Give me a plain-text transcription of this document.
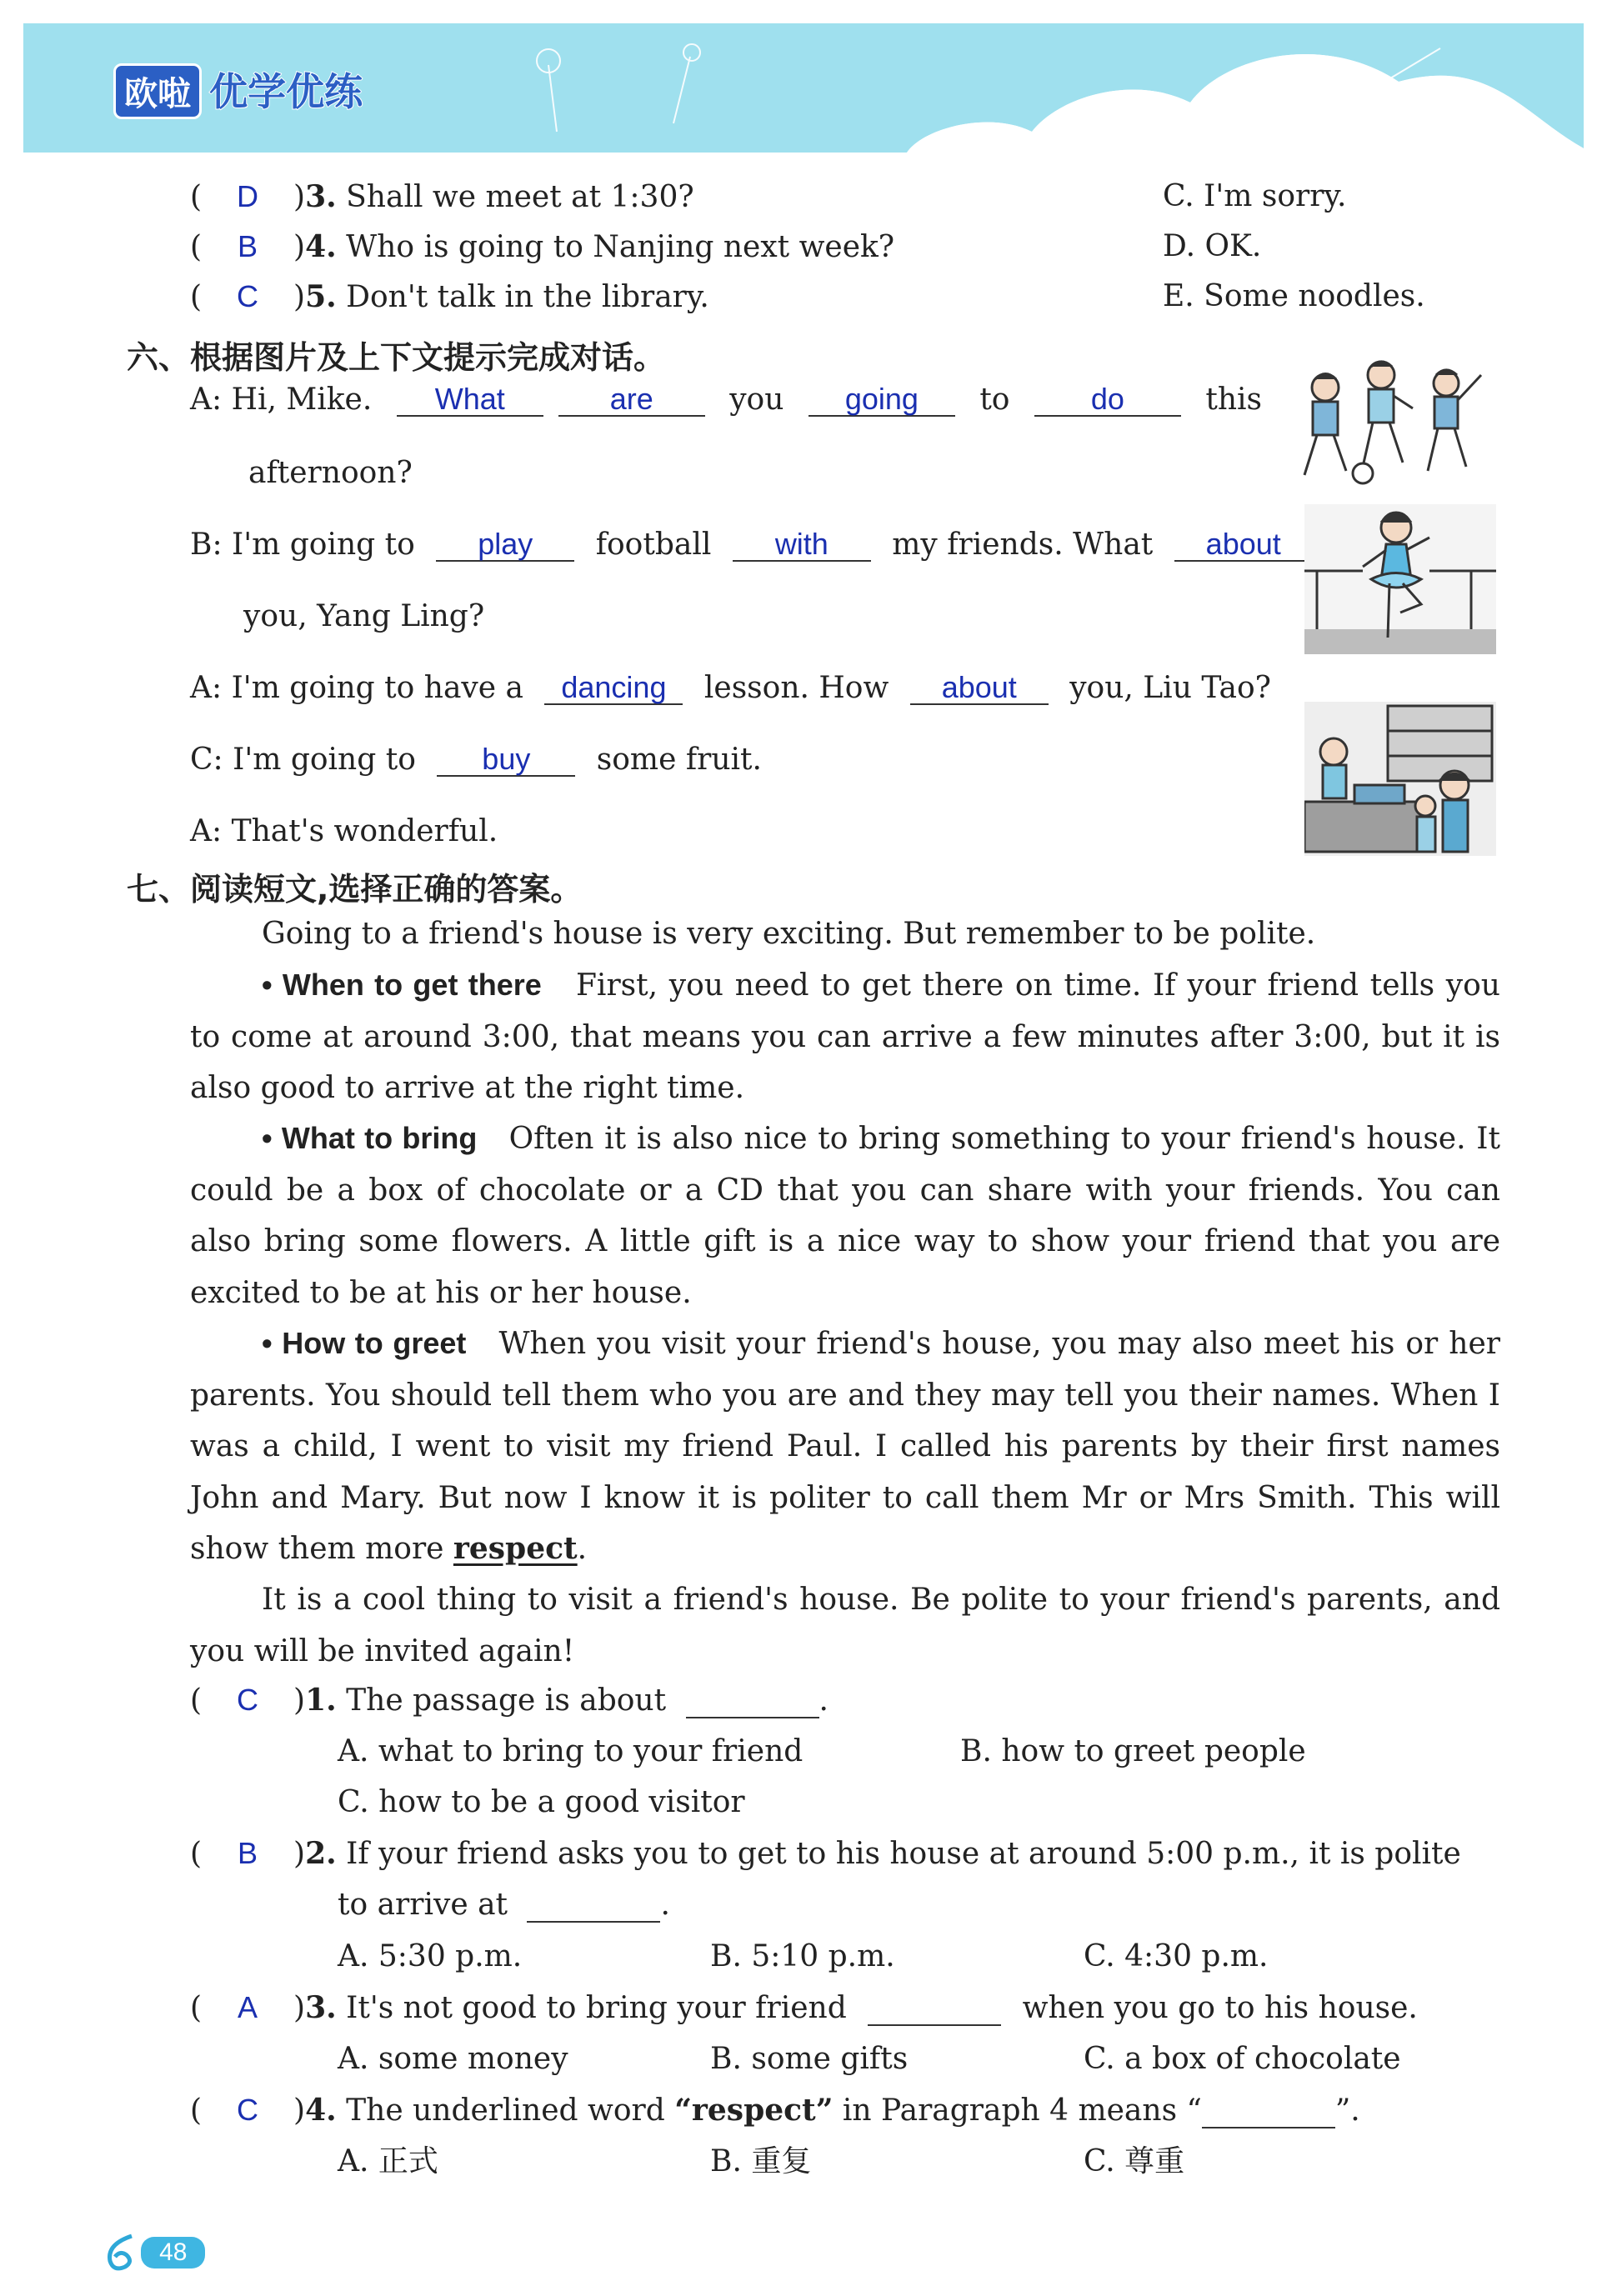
欧啦 优学优练
( D )3. Shall we meet at 1:30?	C. I'm sorry.
( B )4. Who is going to Nanjing next week?	D. OK.
( C )5. Don't talk in the library.	E. Some noodles.
六、根据图片及上下文提示完成对话。
A: Hi, Mike. What	are	you going to	do	this
afternoon?
B: I'm going to play football with my friends. What about
you, Yang Ling?
A: I'm going to have a dancing lesson. How about you, Liu Tao?
C: I'm going to buy some fruit.
A: That's wonderful.
七、阅读短文,选择正确的答案。
Going to a friend's house is very exciting. But remember to be polite.
• When to get there First, you need to get there on time. If your friend tells you to come at around 3:00, that means you can arrive a few minutes after 3:00, but it is also good to arrive at the right time.
• What to bring Often it is also nice to bring something to your friend's house. It could be a box of chocolate or a CD that you can share with your friends. You can also bring some flowers. A little gift is a nice way to show your friend that you are excited to be at his or her house.
• How to greet When you visit your friend's house, you may also meet his or her parents. You should tell them who you are and they may tell you their names. When I was a child, I went to visit my friend Paul. I called his parents by their first names John and Mary. But now I know it is politer to call them Mr or Mrs Smith. This will show them more respect.
It is a cool thing to visit a friend's house. Be polite to your friend's parents, and you will be invited again!
( C )1. The passage is about	.
A. what to bring to your friend	B. how to greet people
C. how to be a good visitor
( B )2. If your friend asks you to get to his house at around 5:00 p.m., it is polite
to arrive at	.
A. 5:30 p.m.	B. 5:10 p.m.	C. 4:30 p.m.
( A )3. It's not good to bring your friend	when you go to his house.
A. some money	B. some gifts	C. a box of chocolate
( C )4. The underlined word “respect” in Paragraph 4 means “	”.
A. 正式	B. 重复	C. 尊重
48
